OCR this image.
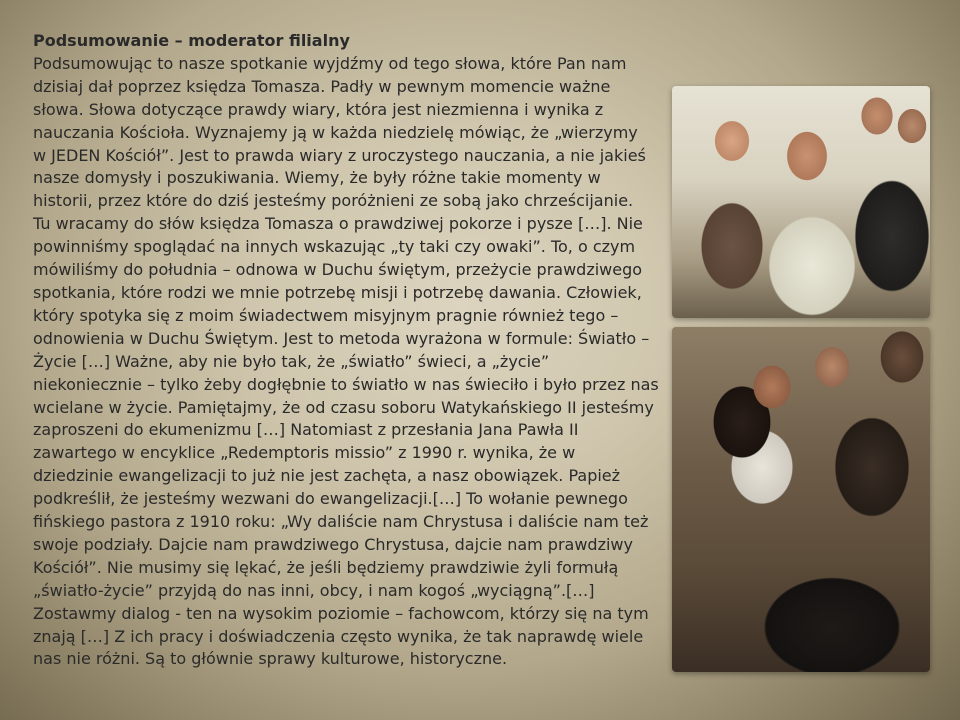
Podsumowanie – moderator filialny
Podsumowując to nasze spotkanie wyjdźmy od tego słowa, które Pan nam
dzisiaj dał poprzez księdza Tomasza. Padły w pewnym momencie ważne
słowa. Słowa dotyczące prawdy wiary, która jest niezmienna i wynika z
nauczania Kościoła. Wyznajemy ją w każda niedzielę mówiąc, że „wierzymy
w JEDEN Kościół”. Jest to prawda wiary z uroczystego nauczania, a nie jakieś
nasze domysły i poszukiwania. Wiemy, że były różne takie momenty w
historii, przez które do dziś jesteśmy poróżnieni ze sobą jako chrześcijanie.
Tu wracamy do słów księdza Tomasza o prawdziwej pokorze i pysze […]. Nie
powinniśmy spoglądać na innych wskazując „ty taki czy owaki”. To, o czym
mówiliśmy do południa – odnowa w Duchu świętym, przeżycie prawdziwego
spotkania, które rodzi we mnie potrzebę misji i potrzebę dawania. Człowiek,
który spotyka się z moim świadectwem misyjnym pragnie również tego –
odnowienia w Duchu Świętym. Jest to metoda wyrażona w formule: Światło –
Życie […] Ważne, aby nie było tak, że „światło” świeci, a „życie”
niekoniecznie – tylko żeby dogłębnie to światło w nas świeciło i było przez nas
wcielane w życie. Pamiętajmy, że od czasu soboru Watykańskiego II jesteśmy
zaproszeni do ekumenizmu […] Natomiast z przesłania Jana Pawła II
zawartego w encyklice „Redemptoris missio” z 1990 r. wynika, że w
dziedzinie ewangelizacji to już nie jest zachęta, a nasz obowiązek. Papież
podkreślił, że jesteśmy wezwani do ewangelizacji.[…] To wołanie pewnego
fińskiego pastora z 1910 roku: „Wy daliście nam Chrystusa i daliście nam też
swoje podziały. Dajcie nam prawdziwego Chrystusa, dajcie nam prawdziwy
Kościół”. Nie musimy się lękać, że jeśli będziemy prawdziwie żyli formułą
„światło-życie” przyjdą do nas inni, obcy, i nam kogoś „wyciągną”.[…]
Zostawmy dialog - ten na wysokim poziomie – fachowcom, którzy się na tym
znają […] Z ich pracy i doświadczenia często wynika, że tak naprawdę wiele
nas nie różni. Są to głównie sprawy kulturowe, historyczne.
